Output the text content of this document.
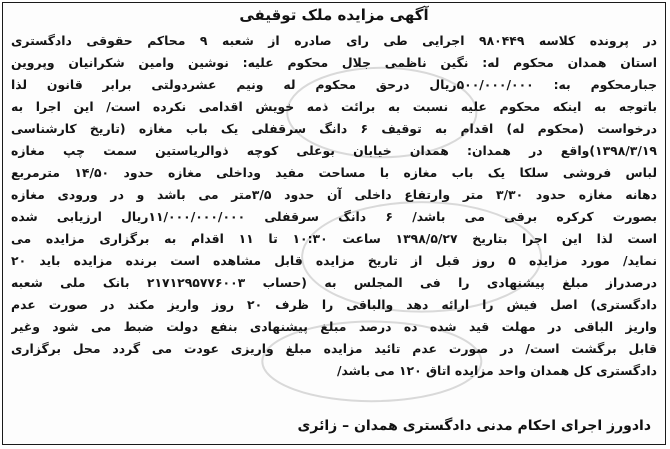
آگهی مزایده ملک توقیفی
در پرونده کلاسه ۹۸۰۴۴۹ اجرایی طی رای صادره از شعبه ۹ محاکم حقوقی دادگستری
استان همدان محکوم له: نگین ناظمی جلال محکوم علیه: نوشین وامین شکرانیان وپروین
جبارمحکوم به: ۵۰۰/۰۰۰/۰۰۰ریال درحق محکوم له ونیم عشردولتی برابر قانون لذا
باتوجه به اینکه محکوم علیه نسبت به برائت ذمه خویش اقدامی نکرده است/ این اجرا به
درخواست (محکوم له) اقدام به توقیف ۶ دانگ سرقفلی یک باب مغازه (تاریخ کارشناسی
۱۳۹۸/۳/۱۹)واقع در همدان: همدان خیابان بوعلی کوچه ذوالریاستین سمت چپ مغازه
لباس فروشی سلکا یک باب مغازه با مساحت مفید وداخلی مغازه حدود ۱۴/۵۰ مترمربع
دهانه مغازه حدود ۳/۳۰ متر وارتفاع داخلی آن حدود ۳/۵متر می باشد و در ورودی مغازه
بصورت کرکره برقی می باشد/ ۶ دانگ سرقفلی ۱۱/۰۰۰/۰۰۰/۰۰۰ریال ارزیابی شده
است لذا این اجرا بتاریخ ۱۳۹۸/۵/۲۷ ساعت ۱۰:۳۰ تا ۱۱ اقدام به برگزاری مزایده می
نماید/ مورد مزایده ۵ روز قبل از تاریخ مزایده قابل مشاهده است برنده مزایده باید ۲۰
درصدراز مبلغ پیشنهادی را فی المجلس به (حساب ۲۱۷۱۲۹۵۷۷۶۰۰۳ بانک ملی شعبه
دادگستری) اصل فیش را ارائه دهد والباقی را ظرف ۲۰ روز واریز مکند در صورت عدم
واریز الباقی در مهلت قید شده ده درصد مبلغ پیشنهادی بنفع دولت ضبط می شود وغیر
قابل برگشت است/ در صورت عدم تائید مزایده مبلغ واریزی عودت می گردد محل برگزاری
دادگستری کل همدان واحد مزایده اتاق ۱۲۰ می باشد/
دادورز اجرای احکام مدنی دادگستری همدان – زائری
